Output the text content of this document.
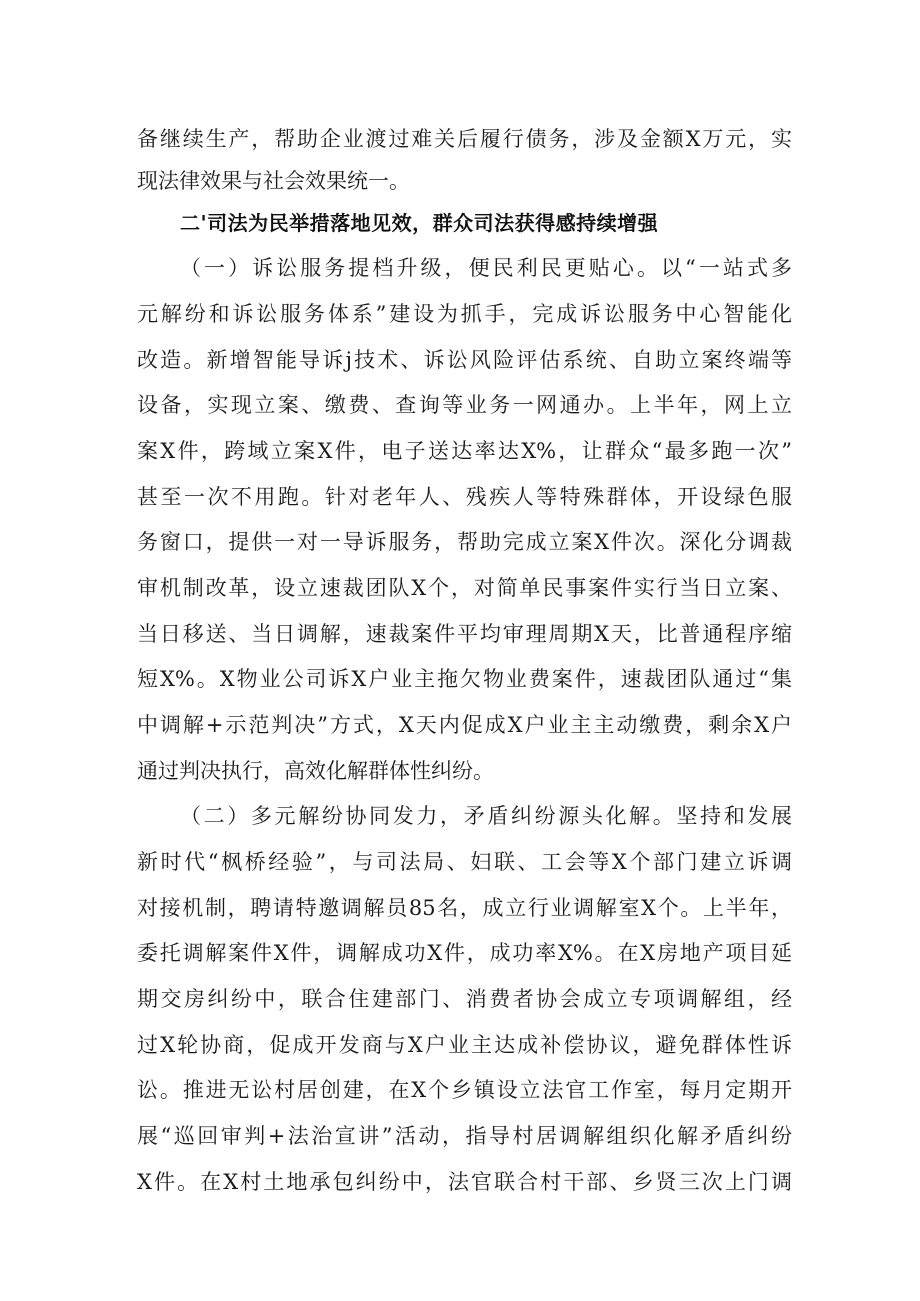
备继续生产，帮助企业渡过难关后履行债务，涉及金额X万元，实
现法律效果与社会效果统一。
二'司法为民举措落地见效，群众司法获得感持续增强
（一）诉讼服务提档升级，便民利民更贴心。以“一站式多
元解纷和诉讼服务体系”建设为抓手，完成诉讼服务中心智能化
改造。新增智能导诉j技术、诉讼风险评估系统、自助立案终端等
设备，实现立案、缴费、查询等业务一网通办。上半年，网上立
案X件，跨域立案X件，电子送达率达X%，让群众“最多跑一次”
甚至一次不用跑。针对老年人、残疾人等特殊群体，开设绿色服
务窗口，提供一对一导诉服务，帮助完成立案X件次。深化分调裁
审机制改革，设立速裁团队X个，对简单民事案件实行当日立案、
当日移送、当日调解，速裁案件平均审理周期X天，比普通程序缩
短X%。X物业公司诉X户业主拖欠物业费案件，速裁团队通过“集
中调解+示范判决”方式，X天内促成X户业主主动缴费，剩余X户
通过判决执行，高效化解群体性纠纷。
（二）多元解纷协同发力，矛盾纠纷源头化解。坚持和发展
新时代“枫桥经验”，与司法局、妇联、工会等X个部门建立诉调
对接机制，聘请特邀调解员85名，成立行业调解室X个。上半年，
委托调解案件X件，调解成功X件，成功率X%。在X房地产项目延
期交房纠纷中，联合住建部门、消费者协会成立专项调解组，经
过X轮协商，促成开发商与X户业主达成补偿协议，避免群体性诉
讼。推进无讼村居创建，在X个乡镇设立法官工作室，每月定期开
展“巡回审判+法治宣讲”活动，指导村居调解组织化解矛盾纠纷
X件。在X村土地承包纠纷中，法官联合村干部、乡贤三次上门调
